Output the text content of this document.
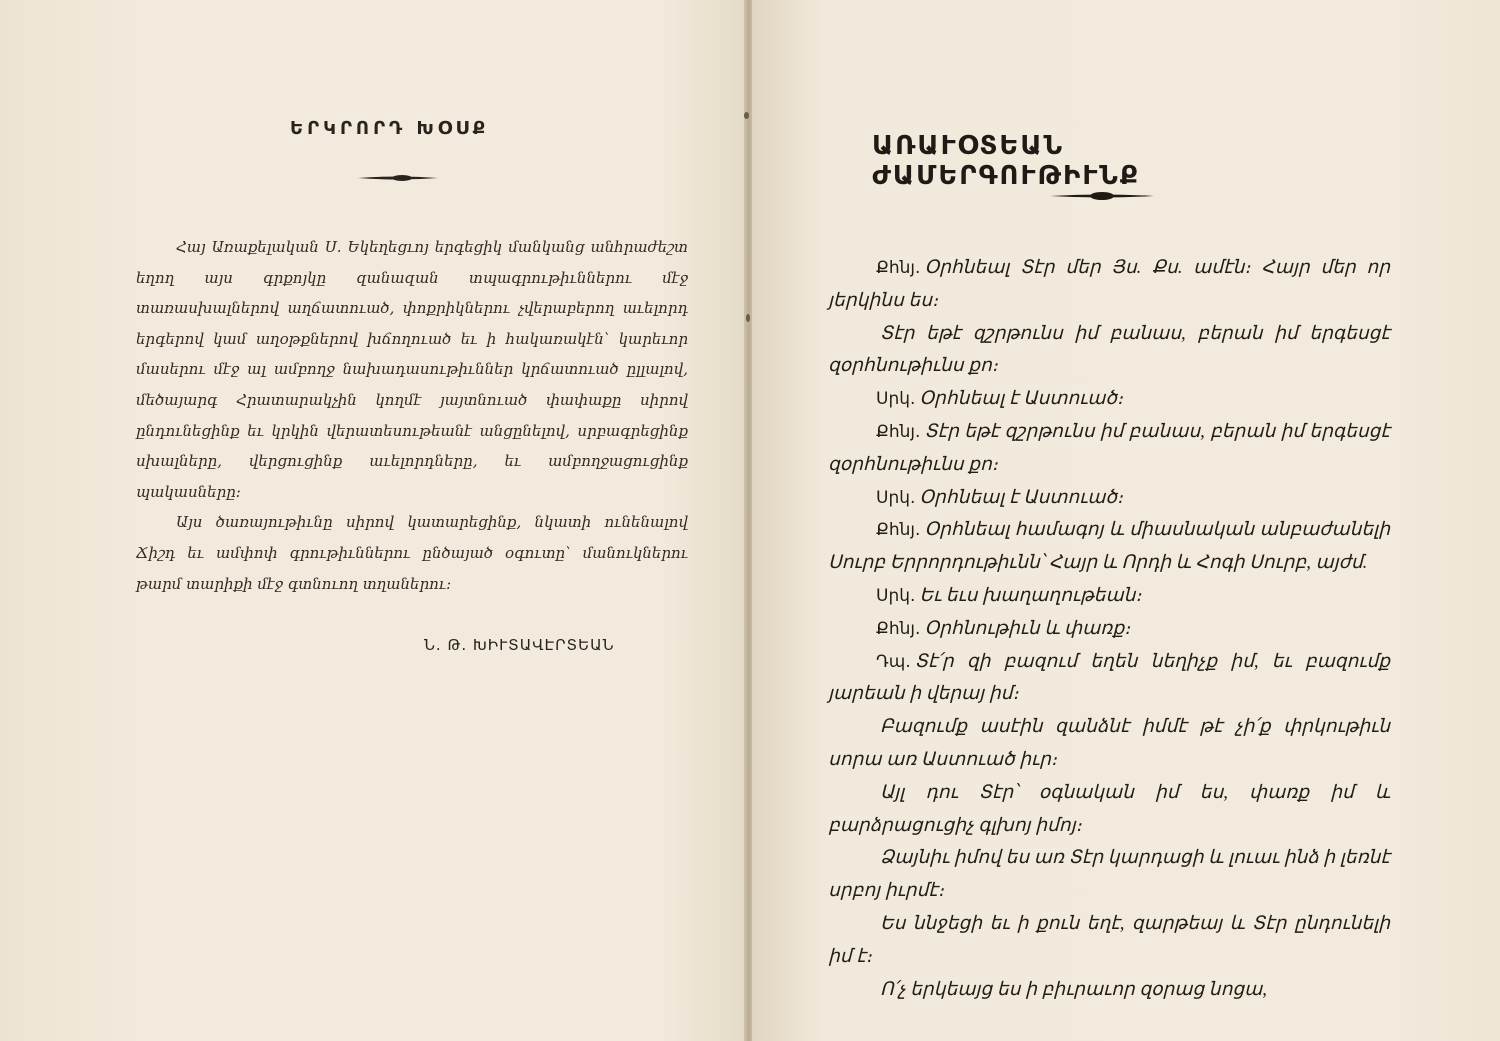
ԵՐԿՐՈՐԴ ԽՕՍՔ

Հայ Առաքելական Ս. Եկեղեցւոյ երգեցիկ մանկանց անհրաժեշտ եղող այս գրքոյկը զանազան տպագրութիւններու մէջ տառասխալներով աղճատուած, փոքրիկներու չվերաբերող աւելորդ երգերով կամ աղօթքներով խճողուած եւ ի հակառակէն՝ կարեւոր մասերու մէջ ալ ամբողջ նախադասութիւններ կրճատուած ըլլալով, մեծայարգ Հրատարակչին կողմէ յայտնուած փափաքը սիրով ընդունեցինք եւ կրկին վերատեսութեանէ անցընելով, սրբագրեցինք սխալները, վերցուցինք աւելորդները, եւ ամբողջացուցինք պակասները։

Այս ծառայութիւնը սիրով կատարեցինք, նկատի ունենալով Ճիշդ եւ ամփոփ գրութիւններու ընծայած օգուտը՝ մանուկներու թարմ տարիքի մէջ գտնուող տղաներու։

Ն. Թ. ԽԻՒՏԱՎԷՐՏԵԱՆ
ԱՌԱՒՕՏԵԱՆ ԺԱՄԵՐԳՈՒԹԻՒՆՔ

Քհնյ. Օրհնեալ Տէր մեր Յս. Քս. ամէն։ Հայր մեր որ յերկինս ես։

Տէր եթէ զշրթունս իմ բանաս, բերան իմ երգեսցէ զօրհնութիւնս քո։

Սրկ. Օրհնեալ է Աստուած։

Քհնյ. Տէր եթէ զշրթունս իմ բանաս, բերան իմ երգեսցէ զօրհնութիւնս քո։

Սրկ. Օրհնեալ է Աստուած։

Քհնյ. Օրհնեալ համագոյ և միասնական անբաժանելի Սուրբ Երրորդութիւնն՝ Հայր և Որդի և Հոգի Սուրբ, այժմ.

Սրկ. Եւ եւս խաղաղութեան։

Քհնյ. Օրհնութիւն և փառք։

Դպ. Տէ՛ր զի բազում եղեն նեղիչք իմ, եւ բազումք յարեան ի վերայ իմ։

Բազումք ասէին զանձնէ իմմէ թէ չի՛ք փրկութիւն սորա առ Աստուած իւր։

Այլ դու Տէր՝ օգնական իմ ես, փառք իմ և բարձրացուցիչ գլխոյ իմոյ։

Ձայնիւ իմով ես առ Տէր կարդացի և լուաւ ինձ ի լեռնէ սրբոյ իւրմէ։

Ես ննջեցի եւ ի քուն եղէ, զարթեայ և Տէր ընդունելի իմ է։

Ո՛չ երկեայց ես ի բիւրաւոր զօրաց նոցա,
